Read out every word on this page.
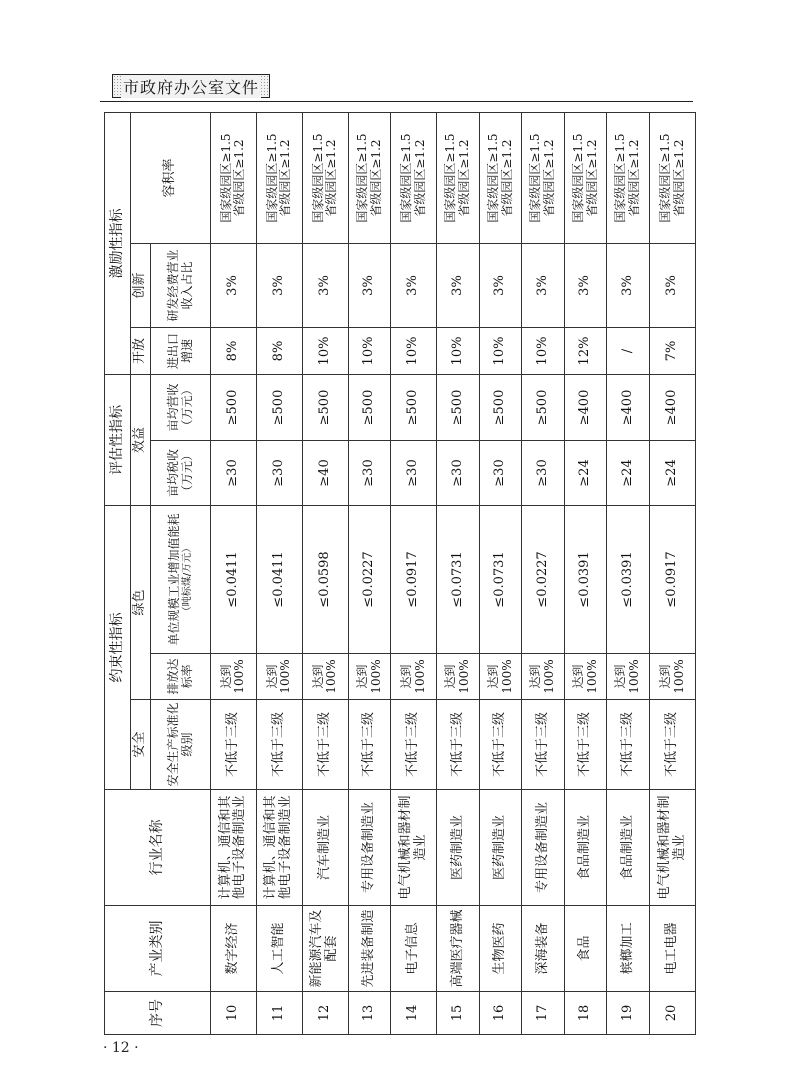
市政府办公室文件
序号	产业类别	行业名称	约束性指标			评估性指标		激励性指标		
			安全	绿色		效益		开放	创新	容积率
			安全生产标准化级别	排放达标率	单位规模工业增加值能耗 （吨标煤/万元）	亩均税收 （万元）	亩均营收 （万元）	进出口增速	研发经费营业收入占比	
10	数字经济	计算机、通信和其他电子设备制造业	不低于三级	达到100%	≤0.0411	≥30	≥500	8%	3%	国家级园区≥1.5 省级园区≥1.2

11	人工智能	计算机、通信和其他电子设备制造业	不低于三级	达到100%	≤0.0411	≥30	≥500	8%	3%	国家级园区≥1.5 省级园区≥1.2

12	新能源汽车及配套	汽车制造业	不低于三级	达到100%	≤0.0598	≥40	≥500	10%	3%	国家级园区≥1.5 省级园区≥1.2

13	先进装备制造	专用设备制造业	不低于三级	达到100%	≤0.0227	≥30	≥500	10%	3%	国家级园区≥1.5 省级园区≥1.2

14	电子信息	电气机械和器材制造业	不低于三级	达到100%	≤0.0917	≥30	≥500	10%	3%	国家级园区≥1.5 省级园区≥1.2

15	高端医疗器械	医药制造业	不低于三级	达到100%	≤0.0731	≥30	≥500	10%	3%	国家级园区≥1.5 省级园区≥1.2

16	生物医药	医药制造业	不低于三级	达到100%	≤0.0731	≥30	≥500	10%	3%	国家级园区≥1.5 省级园区≥1.2

17	深海装备	专用设备制造业	不低于三级	达到100%	≤0.0227	≥30	≥500	10%	3%	国家级园区≥1.5 省级园区≥1.2

18	食品	食品制造业	不低于三级	达到100%	≤0.0391	≥24	≥400	12%	3%	国家级园区≥1.5 省级园区≥1.2

19	槟榔加工	食品制造业	不低于三级	达到100%	≤0.0391	≥24	≥400	/	3%	国家级园区≥1.5 省级园区≥1.2

20	电工电器	电气机械和器材制造业	不低于三级	达到100%	≤0.0917	≥24	≥400	7%	3%	国家级园区≥1.5 省级园区≥1.2
· 12 ·
